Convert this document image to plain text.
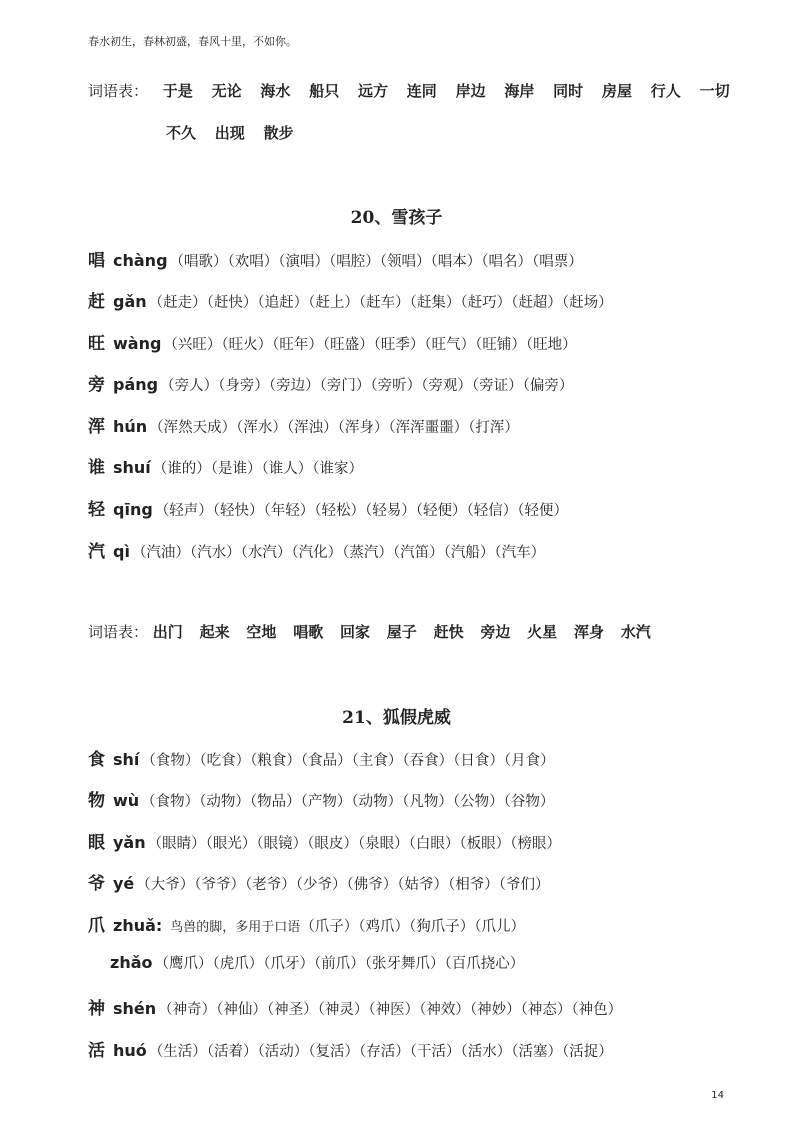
春水初生，春林初盛，春风十里，不如你。
词语表： 于是 无论 海水 船只 远方 连同 岸边 海岸 同时 房屋 行人 一切
不久 出现 散步
20、雪孩子
唱 chàng （唱歌）（欢唱）（演唱）（唱腔）（领唱）（唱本）（唱名）（唱票）
赶 gǎn （赶走）（赶快）（追赶）（赶上）（赶车）（赶集）（赶巧）（赶超）（赶场）
旺 wàng （兴旺）（旺火）（旺年）（旺盛）（旺季）（旺气）（旺铺）（旺地）
旁 páng （旁人）（身旁）（旁边）（旁门）（旁听）（旁观）（旁证）（偏旁）
浑 hún （浑然天成）（浑水）（浑浊）（浑身）（浑浑噩噩）（打浑）
谁 shuí （谁的）（是谁）（谁人）（谁家）
轻 qīng （轻声）（轻快）（年轻）（轻松）（轻易）（轻便）（轻信）（轻便）
汽 qì （汽油）（汽水）（水汽）（汽化）（蒸汽）（汽笛）（汽船）（汽车）
词语表： 出门 起来 空地 唱歌 回家 屋子 赶快 旁边 火星 浑身 水汽
21、狐假虎威
食 shí （食物）（吃食）（粮食）（食品）（主食）（吞食）（日食）（月食）
物 wù （食物）（动物）（物品）（产物）（动物）（凡物）（公物）（谷物）
眼 yǎn （眼睛）（眼光）（眼镜）（眼皮）（泉眼）（白眼）（板眼）（榜眼）
爷 yé （大爷）（爷爷）（老爷）（少爷）（佛爷）（姑爷）（相爷）（爷们）
爪 zhuǎ: 鸟兽的脚，多用于口语（爪子）（鸡爪）（狗爪子）（爪儿）
zhǎo （鹰爪）（虎爪）（爪牙）（前爪）（张牙舞爪）（百爪挠心）
神 shén （神奇）（神仙）（神圣）（神灵）（神医）（神效）（神妙）（神态）（神色）
活 huó （生活）（活着）（活动）（复活）（存活）（干活）（活水）（活塞）（活捉）
14
